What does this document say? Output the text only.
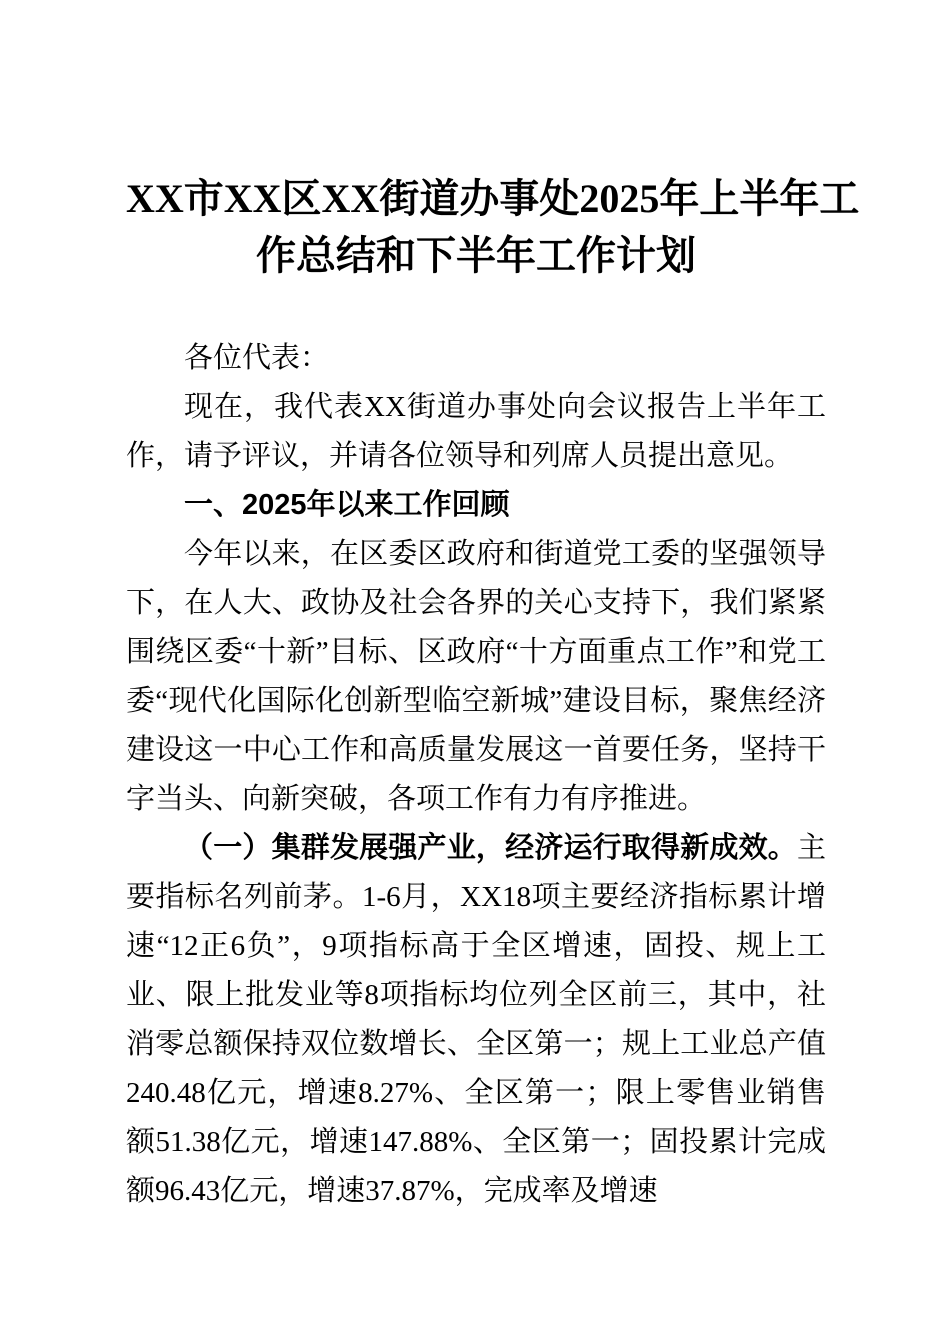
XX市XX区XX街道办事处2025年上半年工
作总结和下半年工作计划

各位代表：

现在，我代表XX街道办事处向会议报告上半年工作，请予评议，并请各位领导和列席人员提出意见。

一、2025年以来工作回顾

今年以来，在区委区政府和街道党工委的坚强领导下，在人大、政协及社会各界的关心支持下，我们紧紧围绕区委“十新”目标、区政府“十方面重点工作”和党工委“现代化国际化创新型临空新城”建设目标，聚焦经济建设这一中心工作和高质量发展这一首要任务，坚持干字当头、向新突破，各项工作有力有序推进。

（一）集群发展强产业，经济运行取得新成效。主要指标名列前茅。1-6月，XX18项主要经济指标累计增速“12正6负”，9项指标高于全区增速，固投、规上工业、限上批发业等8项指标均位列全区前三，其中，社消零总额保持双位数增长、全区第一；规上工业总产值240.48亿元，增速8.27%、全区第一；限上零售业销售额51.38亿元，增速147.88%、全区第一；固投累计完成额96.43亿元，增速37.87%，完成率及增速
